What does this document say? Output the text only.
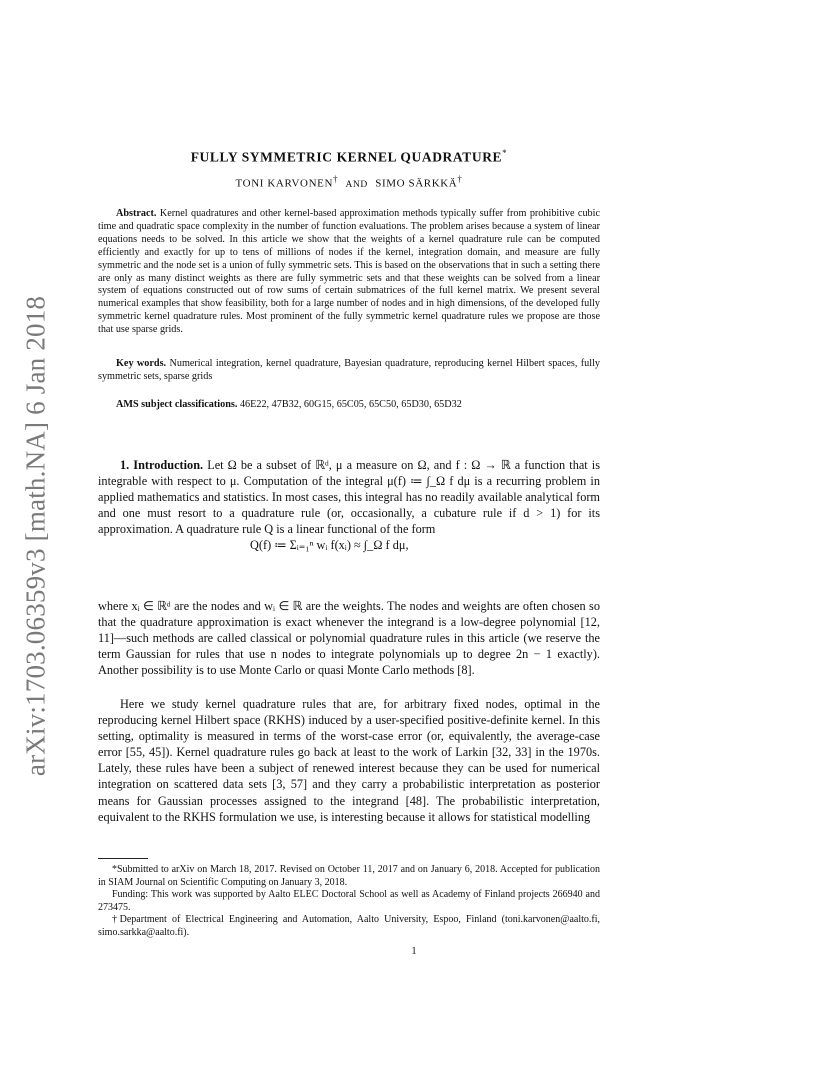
arXiv:1703.06359v3 [math.NA] 6 Jan 2018
FULLY SYMMETRIC KERNEL QUADRATURE*
TONI KARVONEN† AND SIMO SÄRKKÄ†

Abstract. Kernel quadratures and other kernel-based approximation methods typically suffer from prohibitive cubic time and quadratic space complexity in the number of function evaluations. The problem arises because a system of linear equations needs to be solved. In this article we show that the weights of a kernel quadrature rule can be computed efficiently and exactly for up to tens of millions of nodes if the kernel, integration domain, and measure are fully symmetric and the node set is a union of fully symmetric sets. This is based on the observations that in such a setting there are only as many distinct weights as there are fully symmetric sets and that these weights can be solved from a linear system of equations constructed out of row sums of certain submatrices of the full kernel matrix. We present several numerical examples that show feasibility, both for a large number of nodes and in high dimensions, of the developed fully symmetric kernel quadrature rules. Most prominent of the fully symmetric kernel quadrature rules we propose are those that use sparse grids.

Key words. Numerical integration, kernel quadrature, Bayesian quadrature, reproducing kernel Hilbert spaces, fully symmetric sets, sparse grids

AMS subject classifications. 46E22, 47B32, 60G15, 65C05, 65C50, 65D30, 65D32

1. Introduction. Let Ω be a subset of ℝᵈ, μ a measure on Ω, and f : Ω → ℝ a function that is integrable with respect to μ. Computation of the integral μ(f) ≔ ∫_Ω f dμ is a recurring problem in applied mathematics and statistics. In most cases, this integral has no readily available analytical form and one must resort to a quadrature rule (or, occasionally, a cubature rule if d > 1) for its approximation. A quadrature rule Q is a linear functional of the form

Q(f) ≔ Σᵢ₌₁ⁿ wᵢ f(xᵢ) ≈ ∫_Ω f dμ,

where xᵢ ∈ ℝᵈ are the nodes and wᵢ ∈ ℝ are the weights. The nodes and weights are often chosen so that the quadrature approximation is exact whenever the integrand is a low-degree polynomial [12, 11]—such methods are called classical or polynomial quadrature rules in this article (we reserve the term Gaussian for rules that use n nodes to integrate polynomials up to degree 2n − 1 exactly). Another possibility is to use Monte Carlo or quasi Monte Carlo methods [8].

Here we study kernel quadrature rules that are, for arbitrary fixed nodes, optimal in the reproducing kernel Hilbert space (RKHS) induced by a user-specified positive-definite kernel. In this setting, optimality is measured in terms of the worst-case error (or, equivalently, the average-case error [55, 45]). Kernel quadrature rules go back at least to the work of Larkin [32, 33] in the 1970s. Lately, these rules have been a subject of renewed interest because they can be used for numerical integration on scattered data sets [3, 57] and they carry a probabilistic interpretation as posterior means for Gaussian processes assigned to the integrand [48]. The probabilistic interpretation, equivalent to the RKHS formulation we use, is interesting because it allows for statistical modelling

*Submitted to arXiv on March 18, 2017. Revised on October 11, 2017 and on January 6, 2018. Accepted for publication in SIAM Journal on Scientific Computing on January 3, 2018.

Funding: This work was supported by Aalto ELEC Doctoral School as well as Academy of Finland projects 266940 and 273475.

†Department of Electrical Engineering and Automation, Aalto University, Espoo, Finland (toni.karvonen@aalto.fi, simo.sarkka@aalto.fi).

1
